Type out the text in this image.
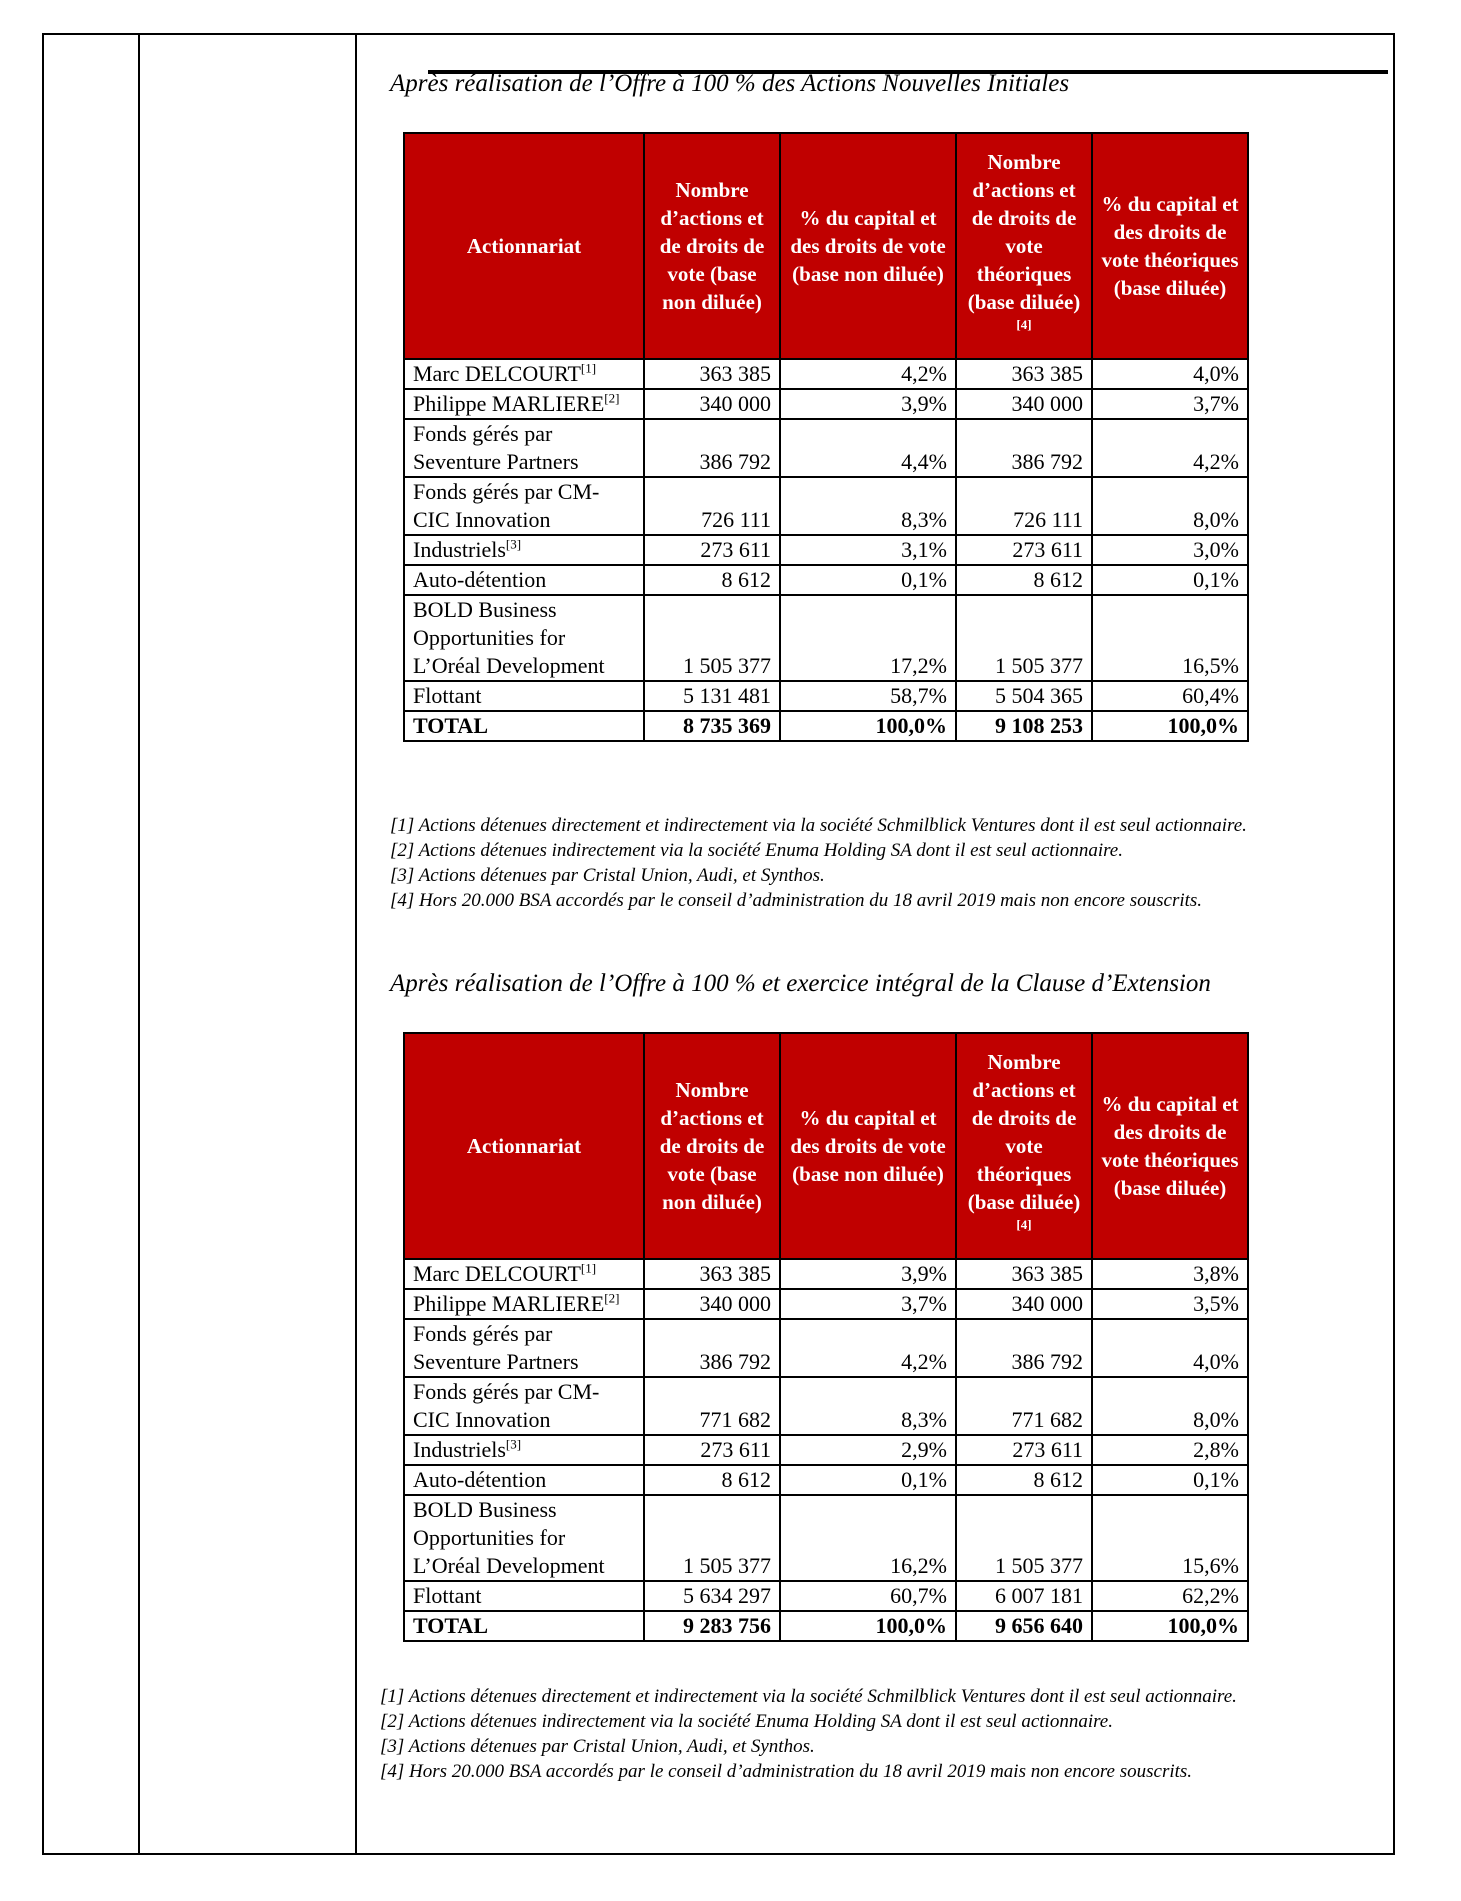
Après réalisation de l’Offre à 100 % des Actions Nouvelles Initiales
Actionnariat	Nombre d’actions et de droits de vote (base non diluée)	% du capital et des droits de vote (base non diluée)	Nombre d’actions et de droits de vote théoriques (base diluée)[4]	% du capital et des droits de vote théoriques (base diluée)
Marc DELCOURT[1]	363 385	4,2%	363 385	4,0%
Philippe MARLIERE[2]	340 000	3,9%	340 000	3,7%
Fonds gérés par Seventure Partners	386 792	4,4%	386 792	4,2%
Fonds gérés par CM-CIC Innovation	726 111	8,3%	726 111	8,0%
Industriels[3]	273 611	3,1%	273 611	3,0%
Auto-détention	8 612	0,1%	8 612	0,1%
BOLD Business Opportunities for L’Oréal Development	1 505 377	17,2%	1 505 377	16,5%
Flottant	5 131 481	58,7%	5 504 365	60,4%
TOTAL	8 735 369	100,0%	9 108 253	100,0%

[1] Actions détenues directement et indirectement via la société Schmilblick Ventures dont il est seul actionnaire.

[2] Actions détenues indirectement via la société Enuma Holding SA dont il est seul actionnaire.

[3] Actions détenues par Cristal Union, Audi, et Synthos.

[4] Hors 20.000 BSA accordés par le conseil d’administration du 18 avril 2019 mais non encore souscrits.

Après réalisation de l’Offre à 100 % et exercice intégral de la Clause d’Extension
Actionnariat	Nombre d’actions et de droits de vote (base non diluée)	% du capital et des droits de vote (base non diluée)	Nombre d’actions et de droits de vote théoriques (base diluée)[4]	% du capital et des droits de vote théoriques (base diluée)
Marc DELCOURT[1]	363 385	3,9%	363 385	3,8%
Philippe MARLIERE[2]	340 000	3,7%	340 000	3,5%
Fonds gérés par Seventure Partners	386 792	4,2%	386 792	4,0%
Fonds gérés par CM-CIC Innovation	771 682	8,3%	771 682	8,0%
Industriels[3]	273 611	2,9%	273 611	2,8%
Auto-détention	8 612	0,1%	8 612	0,1%
BOLD Business Opportunities for L’Oréal Development	1 505 377	16,2%	1 505 377	15,6%
Flottant	5 634 297	60,7%	6 007 181	62,2%
TOTAL	9 283 756	100,0%	9 656 640	100,0%

[1] Actions détenues directement et indirectement via la société Schmilblick Ventures dont il est seul actionnaire.

[2] Actions détenues indirectement via la société Enuma Holding SA dont il est seul actionnaire.

[3] Actions détenues par Cristal Union, Audi, et Synthos.

[4] Hors 20.000 BSA accordés par le conseil d’administration du 18 avril 2019 mais non encore souscrits.
